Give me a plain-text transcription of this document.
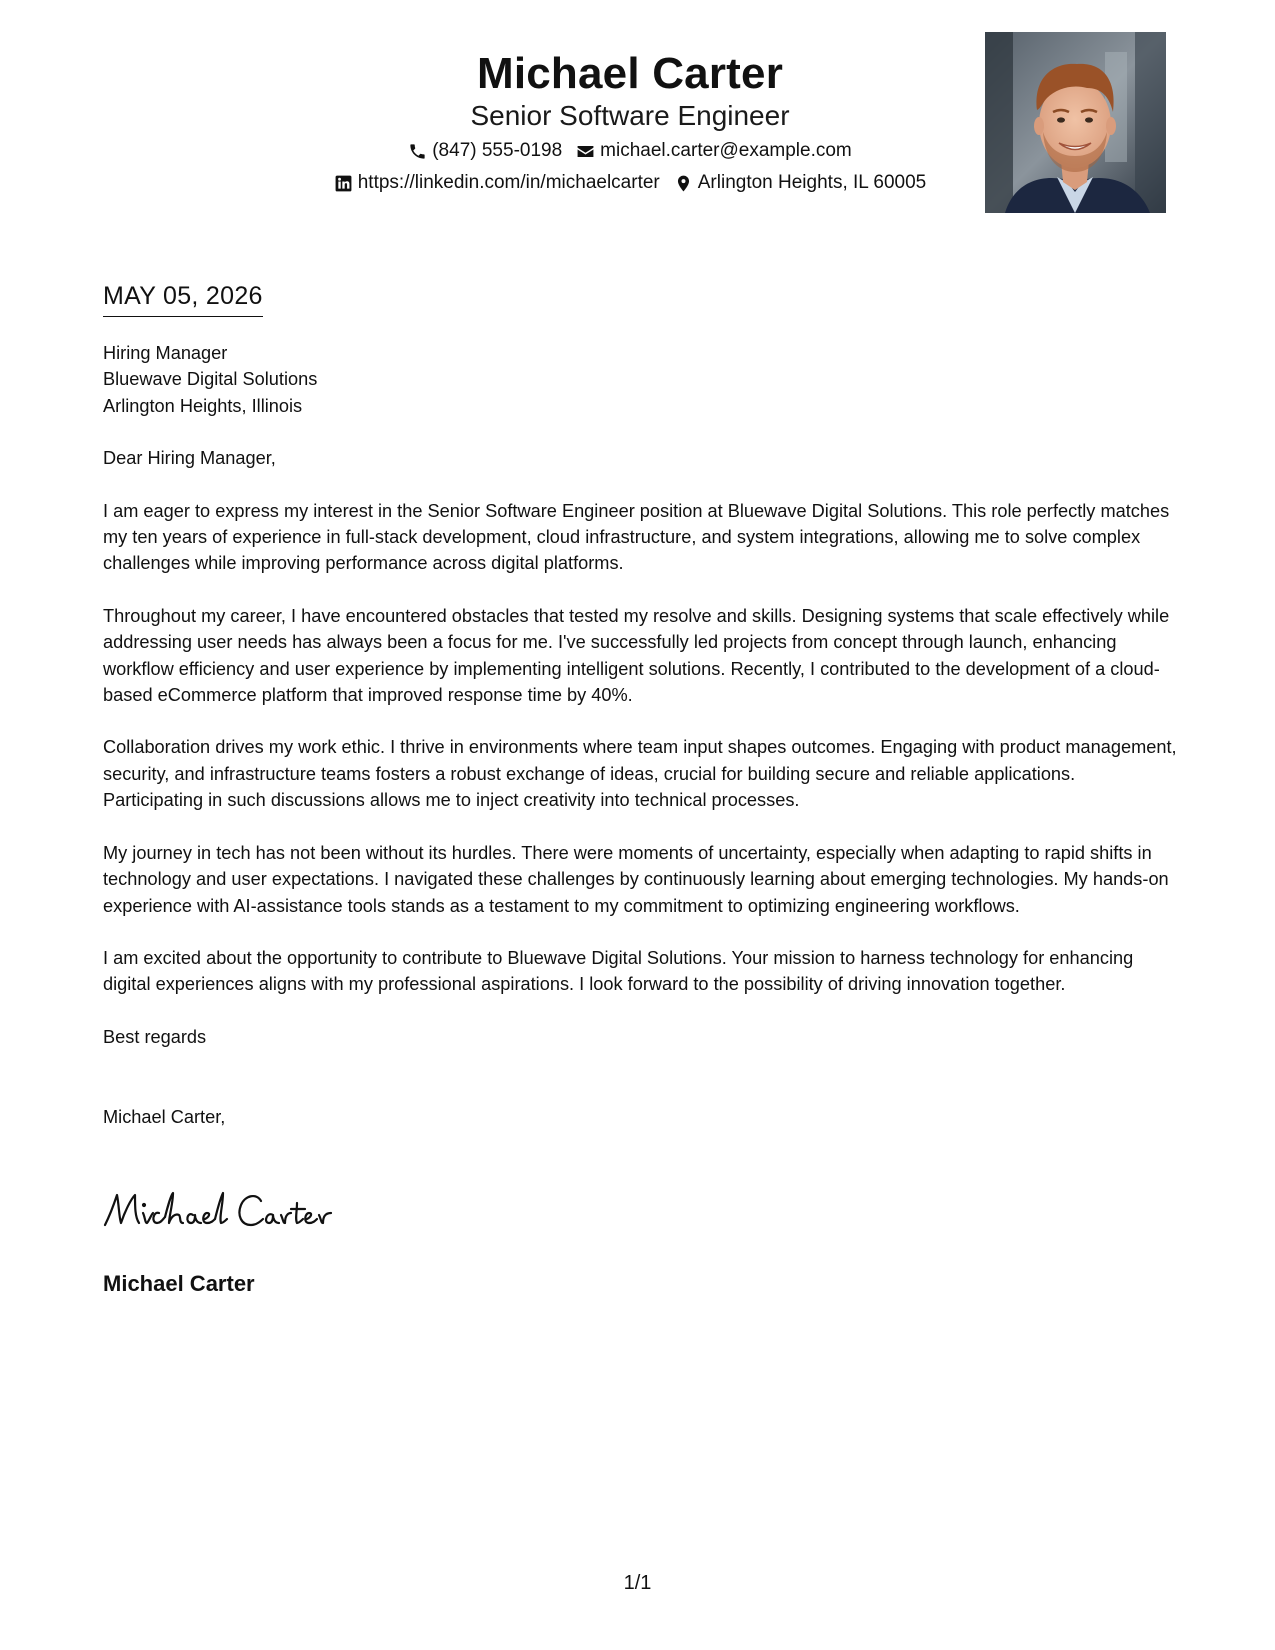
Michael Carter
Senior Software Engineer
(847) 555-0198 michael.carter@example.com
https://linkedin.com/in/michaelcarter Arlington Heights, IL 60005
MAY 05, 2026
Hiring Manager
Bluewave Digital Solutions
Arlington Heights, Illinois
Dear Hiring Manager,

I am eager to express my interest in the Senior Software Engineer position at Bluewave Digital Solutions. This role perfectly matches my ten years of experience in full-stack development, cloud infrastructure, and system integrations, allowing me to solve complex challenges while improving performance across digital platforms.

Throughout my career, I have encountered obstacles that tested my resolve and skills. Designing systems that scale effectively while addressing user needs has always been a focus for me. I've successfully led projects from concept through launch, enhancing workflow efficiency and user experience by implementing intelligent solutions. Recently, I contributed to the development of a cloud-based eCommerce platform that improved response time by 40%.

Collaboration drives my work ethic. I thrive in environments where team input shapes outcomes. Engaging with product management, security, and infrastructure teams fosters a robust exchange of ideas, crucial for building secure and reliable applications. Participating in such discussions allows me to inject creativity into technical processes.

My journey in tech has not been without its hurdles. There were moments of uncertainty, especially when adapting to rapid shifts in technology and user expectations. I navigated these challenges by continuously learning about emerging technologies. My hands-on experience with AI-assistance tools stands as a testament to my commitment to optimizing engineering workflows.

I am excited about the opportunity to contribute to Bluewave Digital Solutions. Your mission to harness technology for enhancing digital experiences aligns with my professional aspirations. I look forward to the possibility of driving innovation together.

Best regards
Michael Carter,
Michael Carter
1/1
